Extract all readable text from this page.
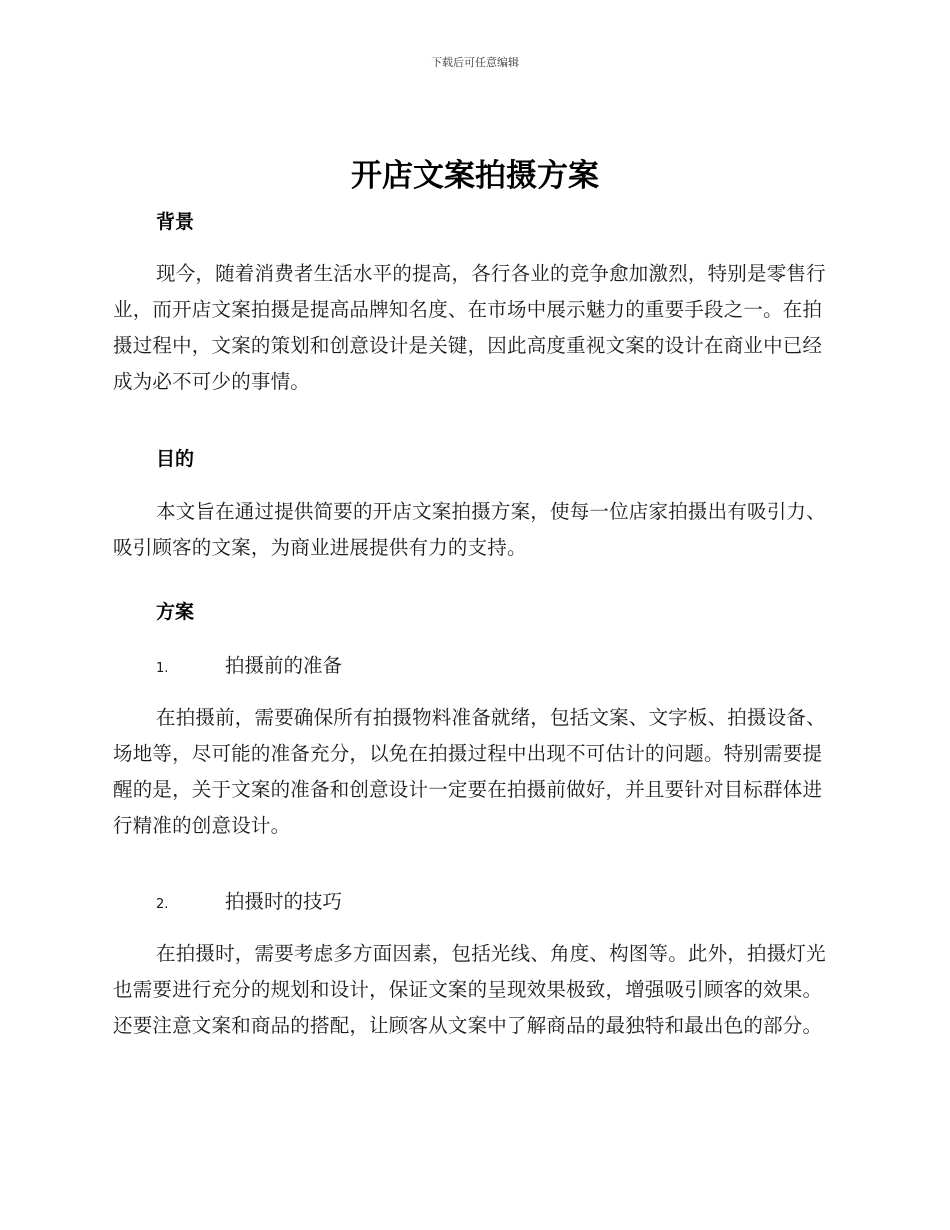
下载后可任意编辑
开店文案拍摄方案
背景

现今，随着消费者生活水平的提高，各行各业的竞争愈加激烈，特别是零售行业，而开店文案拍摄是提高品牌知名度、在市场中展示魅力的重要手段之一。在拍摄过程中，文案的策划和创意设计是关键，因此高度重视文案的设计在商业中已经成为必不可少的事情。

目的

本文旨在通过提供简要的开店文案拍摄方案，使每一位店家拍摄出有吸引力、吸引顾客的文案，为商业进展提供有力的支持。

方案
1.	拍摄前的准备

在拍摄前，需要确保所有拍摄物料准备就绪，包括文案、文字板、拍摄设备、场地等，尽可能的准备充分，以免在拍摄过程中出现不可估计的问题。特别需要提醒的是，关于文案的准备和创意设计一定要在拍摄前做好，并且要针对目标群体进行精准的创意设计。

2.	拍摄时的技巧

在拍摄时，需要考虑多方面因素，包括光线、角度、构图等。此外，拍摄灯光也需要进行充分的规划和设计，保证文案的呈现效果极致，增强吸引顾客的效果。还要注意文案和商品的搭配，让顾客从文案中了解商品的最独特和最出色的部分。
